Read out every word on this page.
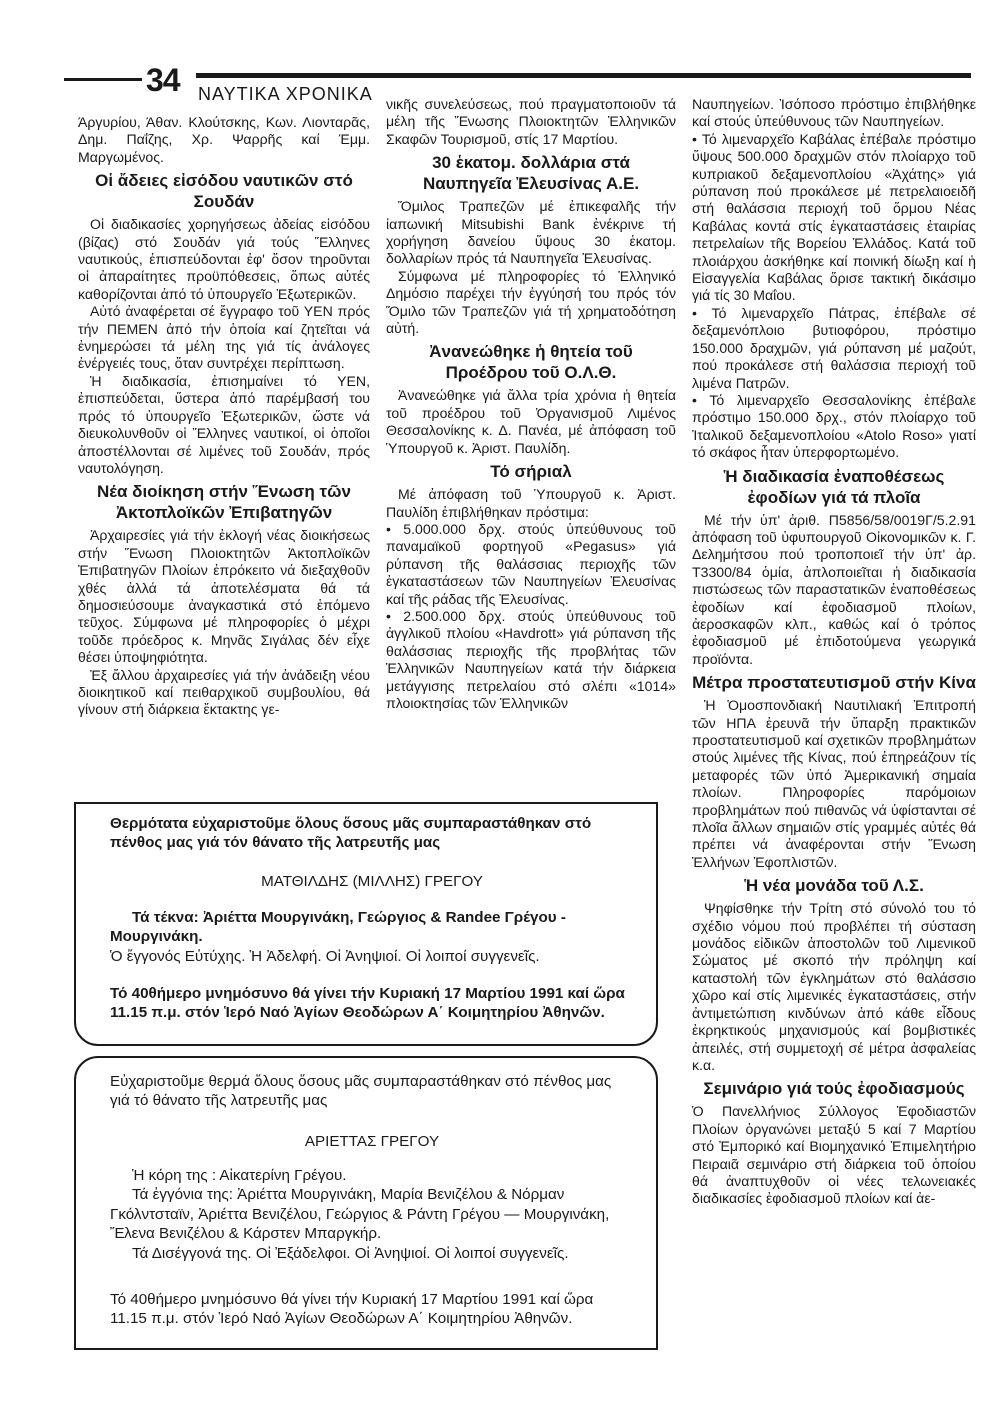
34 ΝΑΥΤΙΚΑ ΧΡΟΝΙΚΑ

Άργυρίου, Άθαν. Κλούτσκης, Κων. Λιονταρᾶς, Δημ. Παΐζης, Χρ. Ψαρρῆς καί Έμμ. Μαργωμένος.

Οἱ ἄδειες εἰσόδου ναυτικῶν στό Σουδάν

Οἱ διαδικασίες χορηγήσεως ἀδείας εἰσόδου (βίζας) στό Σουδάν γιά τούς Ἕλληνες ναυτικούς, ἐπισπεύδονται ἐφ' ὅσον τηροῦνται οἱ ἀπαραίτητες προϋπόθεσεις, ὅπως αὐτές καθορίζονται ἀπό τό ὑπουργεῖο Ἐξωτερικῶν.

Αὐτό ἀναφέρεται σέ ἔγγραφο τοῦ ΥΕΝ πρός τήν ΠΕΜΕΝ ἀπό τήν ὁποία καί ζητεῖται νά ἐνημερώσει τά μέλη της γιά τίς ἀνάλογες ἐνέργειές τους, ὅταν συντρέχει περίπτωση.

Ἡ διαδικασία, ἐπισημαίνει τό ΥΕΝ, ἐπισπεύδεται, ὕστερα ἀπό παρέμβασή του πρός τό ὑπουργεῖο Ἐξωτερικῶν, ὥστε νά διευκολυνθοῦν οἱ Ἕλληνες ναυτικοί, οἱ ὁποῖοι ἀποστέλλονται σέ λιμένες τοῦ Σουδάν, πρός ναυτολόγηση.

Νέα διοίκηση στήν Ἕνωση τῶν Ἀκτοπλοϊκῶν Ἐπιβατηγῶν

Ἀρχαιρεσίες γιά τήν ἐκλογή νέας διοικήσεως στήν Ἕνωση Πλοιοκτητῶν Ἀκτοπλοϊκῶν Ἐπιβατηγῶν Πλοίων ἐπρόκειτο νά διεξαχθοῦν χθές ἀλλά τά ἀποτελέσματα θά τά δημοσιεύσουμε ἀναγκαστικά στό ἑπόμενο τεῦχος. Σύμφωνα μέ πληροφορίες ὁ μέχρι τοῦδε πρόεδρος κ. Μηνᾶς Σιγάλας δέν εἶχε θέσει ὑποψηφιότητα.

Ἐξ ἄλλου ἀρχαιρεσίες γιά τήν ἀνάδειξη νέου διοικητικοῦ καί πειθαρχικοῦ συμβουλίου, θά γίνουν στή διάρκεια ἔκτακτης γε-

νικῆς συνελεύσεως, πού πραγματοποιοῦν τά μέλη τῆς Ἕνωσης Πλοιοκτητῶν Ἑλληνικῶν Σκαφῶν Τουρισμοῦ, στίς 17 Μαρτίου.

30 ἑκατομ. δολλάρια στά Ναυπηγεῖα Ἐλευσίνας Α.Ε.

Ὅμιλος Τραπεζῶν μέ ἐπικεφαλῆς τήν ἰαπωνική Mitsubishi Bank ἐνέκρινε τή χορήγηση δανείου ὕψους 30 ἑκατομ. δολλαρίων πρός τά Ναυπηγεῖα Ἐλευσίνας.

Σύμφωνα μέ πληροφορίες τό Ἑλληνικό Δημόσιο παρέχει τήν ἐγγύησή του πρός τόν Ὅμιλο τῶν Τραπεζῶν γιά τή χρηματοδότηση αὐτή.

Ἀνανεώθηκε ἡ θητεία τοῦ Προέδρου τοῦ Ο.Λ.Θ.

Ἀνανεώθηκε γιά ἄλλα τρία χρόνια ἡ θητεία τοῦ προέδρου τοῦ Ὀργανισμοῦ Λιμένος Θεσσαλονίκης κ. Δ. Πανέα, μέ ἀπόφαση τοῦ Ὑπουργοῦ κ. Ἀριστ. Παυλίδη.

Τό σήριαλ

Μέ ἀπόφαση τοῦ Ὑπουργοῦ κ. Ἀριστ. Παυλίδη ἐπιβλήθηκαν πρόστιμα:

• 5.000.000 δρχ. στούς ὑπεύθυνους τοῦ παναμαϊκοῦ φορτηγοῦ «Pegasus» γιά ρύπανση τῆς θαλάσσιας περιοχῆς τῶν ἐγκαταστάσεων τῶν Ναυπηγείων Ἐλευσίνας καί τῆς ράδας τῆς Ἐλευσίνας.

• 2.500.000 δρχ. στούς ὑπεύθυνους τοῦ ἀγγλικοῦ πλοίου «Havdrott» γιά ρύπανση τῆς θαλάσσιας περιοχῆς τῆς προβλήτας τῶν Ἑλληνικῶν Ναυπηγείων κατά τήν διάρκεια μετάγγισης πετρελαίου στό σλέπι «1014» πλοιοκτησίας τῶν Ἑλληνικῶν

Ναυπηγείων. Ἰσόποσο πρόστιμο ἐπιβλήθηκε καί στούς ὑπεύθυνους τῶν Ναυπηγείων.

• Τό λιμεναρχεῖο Καβάλας ἐπέβαλε πρόστιμο ὕψους 500.000 δραχμῶν στόν πλοίαρχο τοῦ κυπριακοῦ δεξαμενοπλοίου «Ἀχάτης» γιά ρύπανση πού προκάλεσε μέ πετρελαιοειδῆ στή θαλάσσια περιοχή τοῦ ὅρμου Νέας Καβάλας κοντά στίς ἐγκαταστάσεις ἑταιρίας πετρελαίων τῆς Βορείου Ἑλλάδος. Κατά τοῦ πλοιάρχου ἀσκήθηκε καί ποινική δίωξη καί ἡ Εἰσαγγελία Καβάλας ὅρισε τακτική δικάσιμο γιά τίς 30 Μαΐου.

• Τό λιμεναρχεῖο Πάτρας, ἐπέβαλε σέ δεξαμενόπλοιο βυτιοφόρου, πρόστιμο 150.000 δραχμῶν, γιά ρύπανση μέ μαζούτ, πού προκάλεσε στή θαλάσσια περιοχή τοῦ λιμένα Πατρῶν.

• Τό λιμεναρχεῖο Θεσσαλονίκης ἐπέβαλε πρόστιμο 150.000 δρχ., στόν πλοίαρχο τοῦ Ἰταλικοῦ δεξαμενοπλοίου «Atolo Roso» γιατί τό σκάφος ἦταν ὑπερφορτωμένο.

Ἡ διαδικασία ἐναποθέσεως ἐφοδίων γιά τά πλοῖα

Μέ τήν ὑπ' ἀριθ. Π5856/58/0019Γ/5.2.91 ἀπόφαση τοῦ ὑφυπουργοῦ Οἰκονομικῶν κ. Γ. Δελημήτσου πού τροποποιεῖ τήν ὑπ' ἀρ. Τ3300/84 ὁμία, ἀπλοποιεῖται ἡ διαδικασία πιστώσεως τῶν παραστατικῶν ἐναποθέσεως ἐφοδίων καί ἐφοδιασμοῦ πλοίων, ἀεροσκαφῶν κλπ., καθώς καί ὁ τρόπος ἐφοδιασμοῦ μέ ἐπιδοτούμενα γεωργικά προϊόντα.

Μέτρα προστατευτισμοῦ στήν Κίνα

Ἡ Ὁμοσπονδιακή Ναυτιλιακή Ἐπιτροπή τῶν ΗΠΑ ἐρευνᾶ τήν ὕπαρξη πρακτικῶν προστατευτισμοῦ καί σχετικῶν προβλημάτων στούς λιμένες τῆς Κίνας, πού ἐπηρεάζουν τίς μεταφορές τῶν ὑπό Ἀμερικανική σημαία πλοίων. Πληροφορίες παρόμοιων προβλημάτων πού πιθανῶς νά ὑφίστανται σέ πλοῖα ἄλλων σημαιῶν στίς γραμμές αὐτές θά πρέπει νά ἀναφέρονται στήν Ἕνωση Ἑλλήνων Ἐφοπλιστῶν.

Ἡ νέα μονάδα τοῦ Λ.Σ.

Ψηφίσθηκε τήν Τρίτη στό σύνολό του τό σχέδιο νόμου πού προβλέπει τή σύσταση μονάδος εἰδικῶν ἀποστολῶν τοῦ Λιμενικοῦ Σώματος μέ σκοπό τήν πρόληψη καί καταστολή τῶν ἐγκλημάτων στό θαλάσσιο χῶρο καί στίς λιμενικές ἐγκαταστάσεις, στήν ἀντιμετώπιση κινδύνων ἀπό κάθε εἶδους ἐκρηκτικούς μηχανισμούς καί βομβιστικές ἀπειλές, στή συμμετοχή σέ μέτρα ἀσφαλείας κ.α.

Σεμινάριο γιά τούς ἐφοδιασμούς

Ὁ Πανελλήνιος Σύλλογος Ἐφοδιαστῶν Πλοίων ὀργανώνει μεταξύ 5 καί 7 Μαρτίου στό Ἐμπορικό καί Βιομηχανικό Ἐπιμελητήριο Πειραιᾶ σεμινάριο στή διάρκεια τοῦ ὁποίου θά ἀναπτυχθοῦν οἱ νέες τελωνειακές διαδικασίες ἐφοδιασμοῦ πλοίων καί ἀε-

Θερμότατα εὐχαριστοῦμε ὅλους ὅσους μᾶς συμπαραστάθηκαν στό πένθος μας γιά τόν θάνατο τῆς λατρευτῆς μας

ΜΑΤΘΙΛΔΗΣ (ΜΙΛΛΗΣ) ΓΡΕΓΟΥ

Τά τέκνα: Ἀριέττα Μουργινάκη, Γεώργιος & Randee Γρέγου - Μουργινάκη.

Ὁ ἔγγονός Εὐτύχης. Ἡ Ἀδελφή. Οἱ Ἀνηψιοί. Οἱ λοιποί συγγενεῖς.

Τό 40θήμερο μνημόσυνο θά γίνει τήν Κυριακή 17 Μαρτίου 1991 καί ὥρα 11.15 π.μ. στόν Ἱερό Ναό Ἁγίων Θεοδώρων Α΄ Κοιμητηρίου Ἀθηνῶν.

Εὐχαριστοῦμε θερμά ὅλους ὅσους μᾶς συμπαραστάθηκαν στό πένθος μας γιά τό θάνατο τῆς λατρευτῆς μας

ΑΡΙΕΤΤΑΣ ΓΡΕΓΟΥ

Ἡ κόρη της : Αἰκατερίνη Γρέγου.

Τά ἐγγόνια της: Ἀριέττα Μουργινάκη, Μαρία Βενιζέλου & Νόρμαν Γκόλντσταϊν, Ἀριέττα Βενιζέλου, Γεώργιος & Ράντη Γρέγου — Μουργινάκη, Ἔλενα Βενιζέλου & Κάρστεν Μπαργκήρ.

Τά Δισέγγονά της. Οἱ Ἐξάδελφοι. Οἱ Ἀνηψιοί. Οἱ λοιποί συγγενεῖς.

Τό 40θήμερο μνημόσυνο θά γίνει τήν Κυριακή 17 Μαρτίου 1991 καί ὥρα 11.15 π.μ. στόν Ἱερό Ναό Ἁγίων Θεοδώρων Α΄ Κοιμητηρίου Ἀθηνῶν.
